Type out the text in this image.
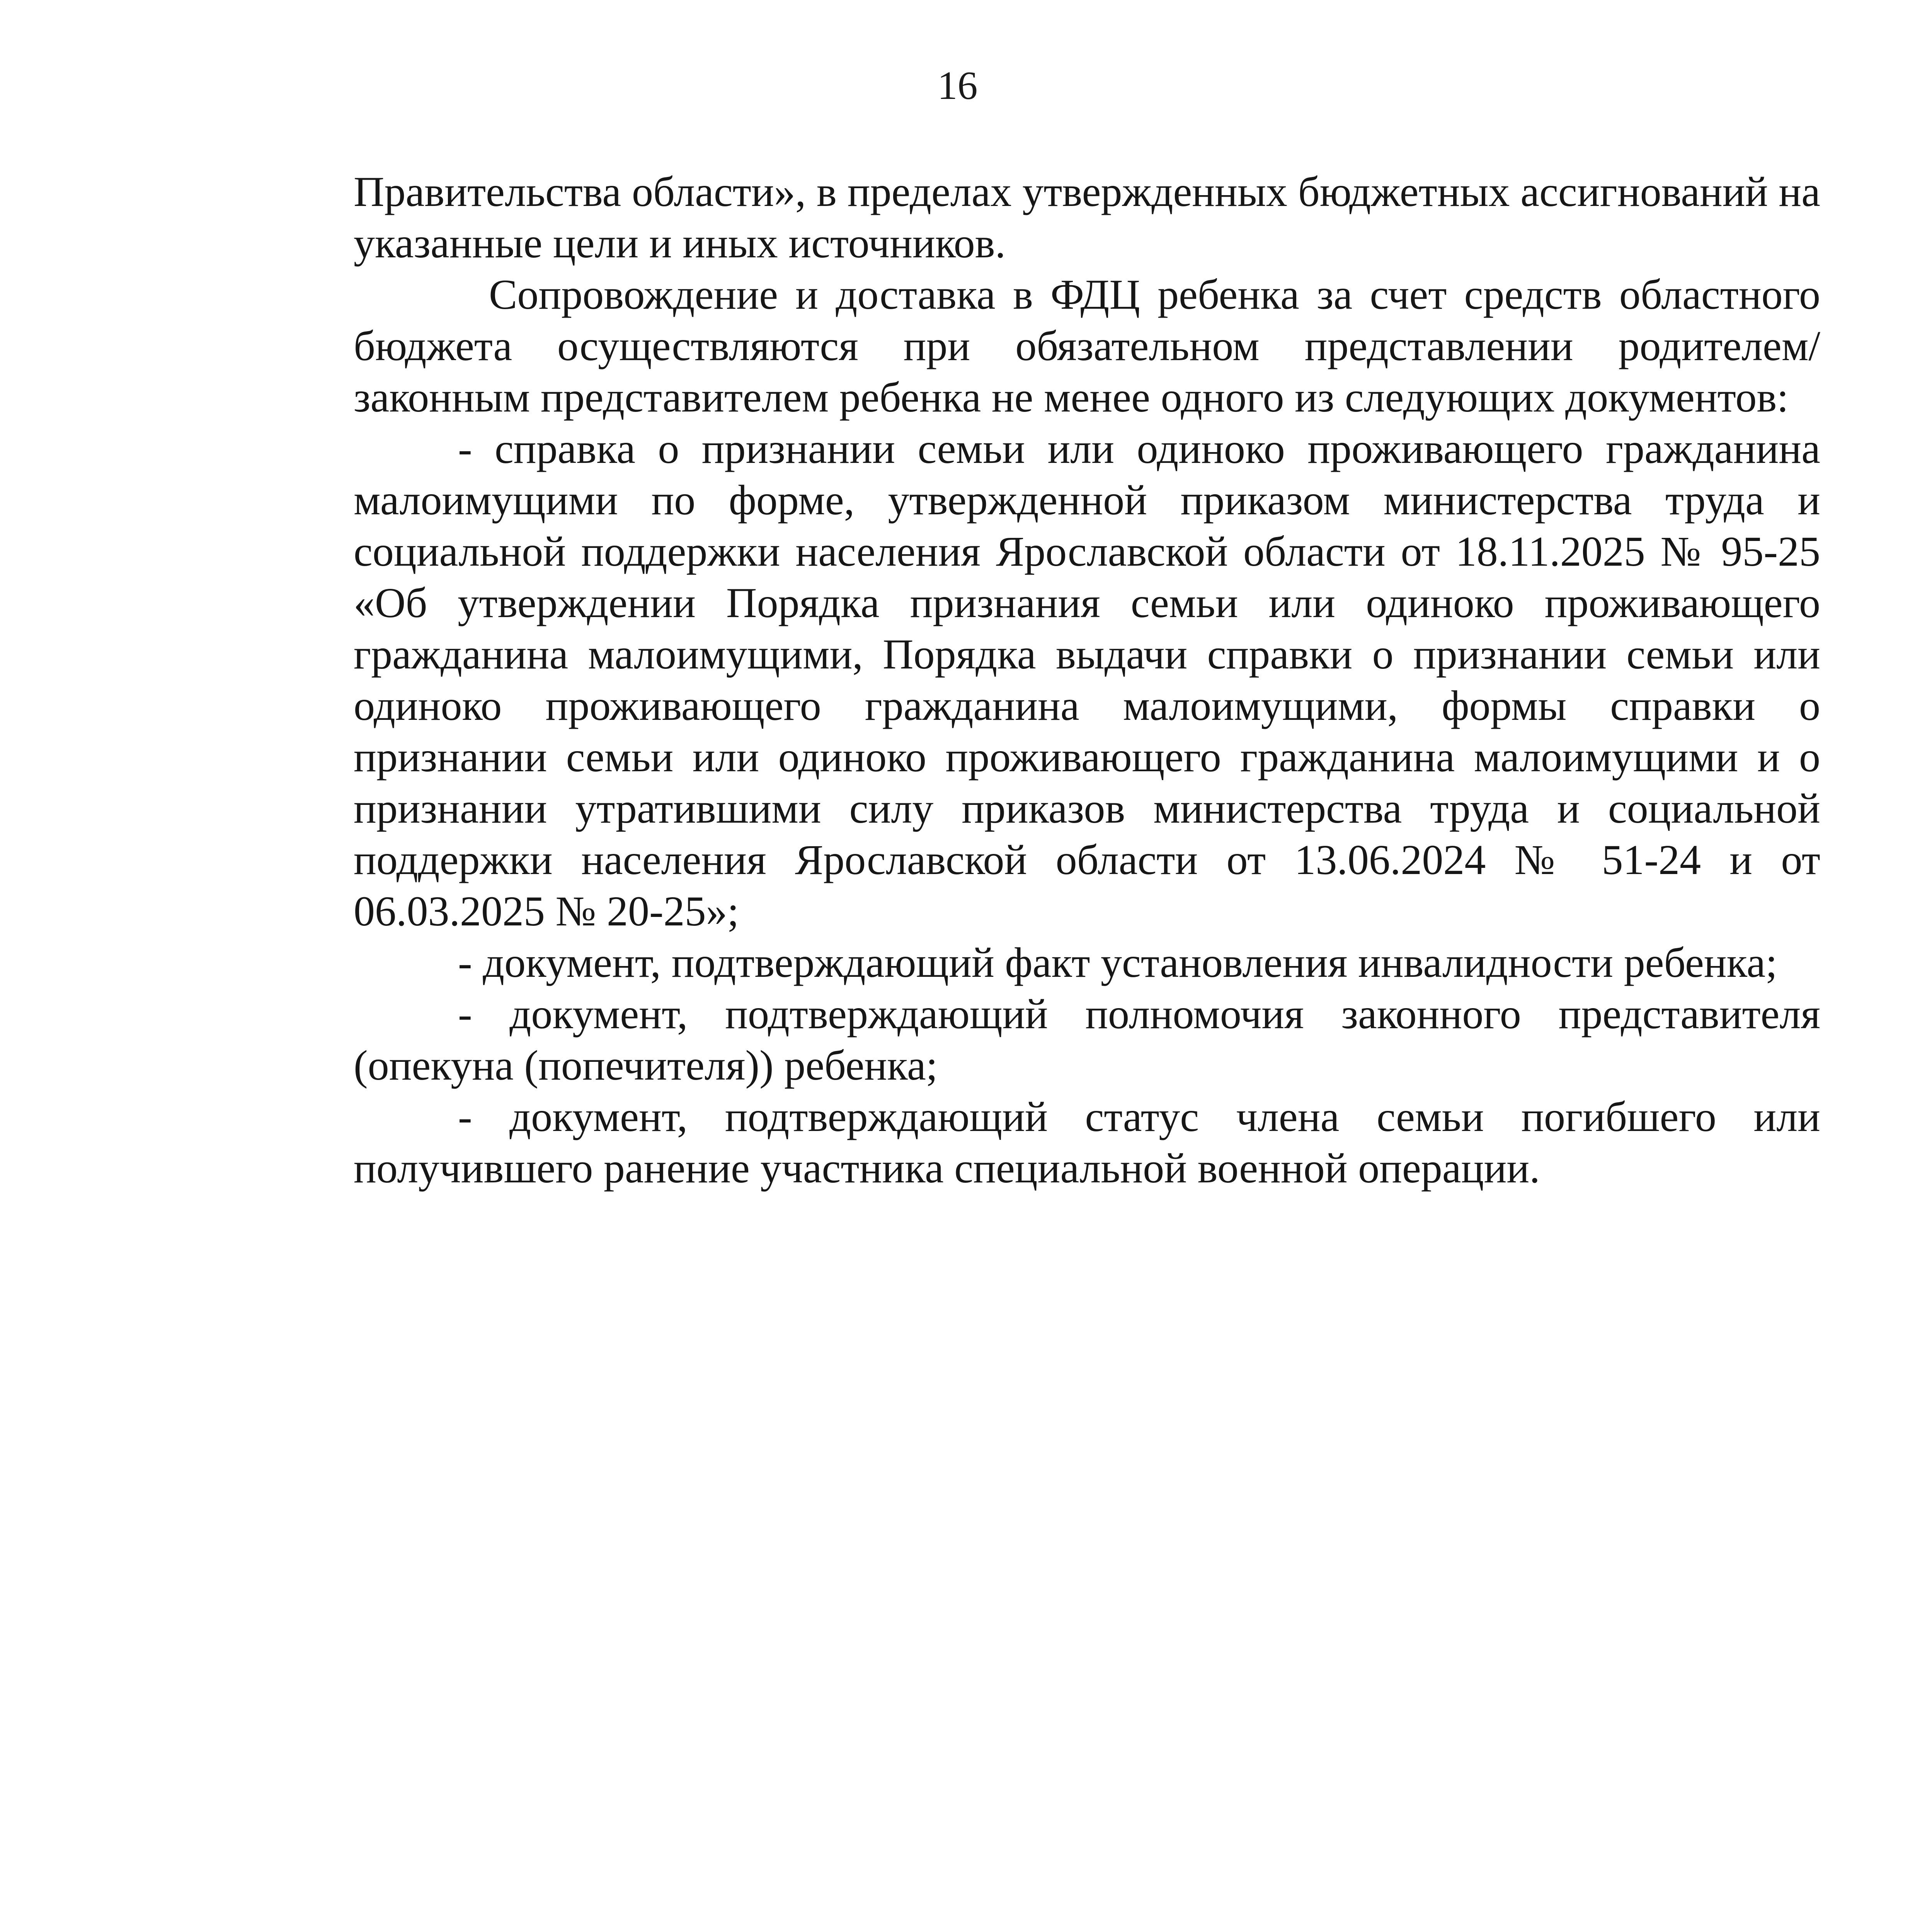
16

Правительства области», в пределах утвержденных бюджетных ассигнований на указанные цели и иных источников.

Сопровождение и доставка в ФДЦ ребенка за счет средств областного бюджета осуществляются при обязательном представлении родителем/ законным представителем ребенка не менее одного из следующих документов:

- справка о признании семьи или одиноко проживающего гражданина малоимущими по форме, утвержденной приказом министерства труда и социальной поддержки населения Ярославской области от 18.11.2025 № 95-25 «Об утверждении Порядка признания семьи или одиноко проживающего гражданина малоимущими, Порядка выдачи справки о признании семьи или одиноко проживающего гражданина малоимущими, формы справки о признании семьи или одиноко проживающего гражданина малоимущими и о признании утратившими силу приказов министерства труда и социальной поддержки населения Ярославской области от 13.06.2024 № 51-24 и от 06.03.2025 № 20-25»;

- документ, подтверждающий факт установления инвалидности ребенка;

- документ, подтверждающий полномочия законного представителя (опекуна (попечителя)) ребенка;

- документ, подтверждающий статус члена семьи погибшего или получившего ранение участника специальной военной операции.
